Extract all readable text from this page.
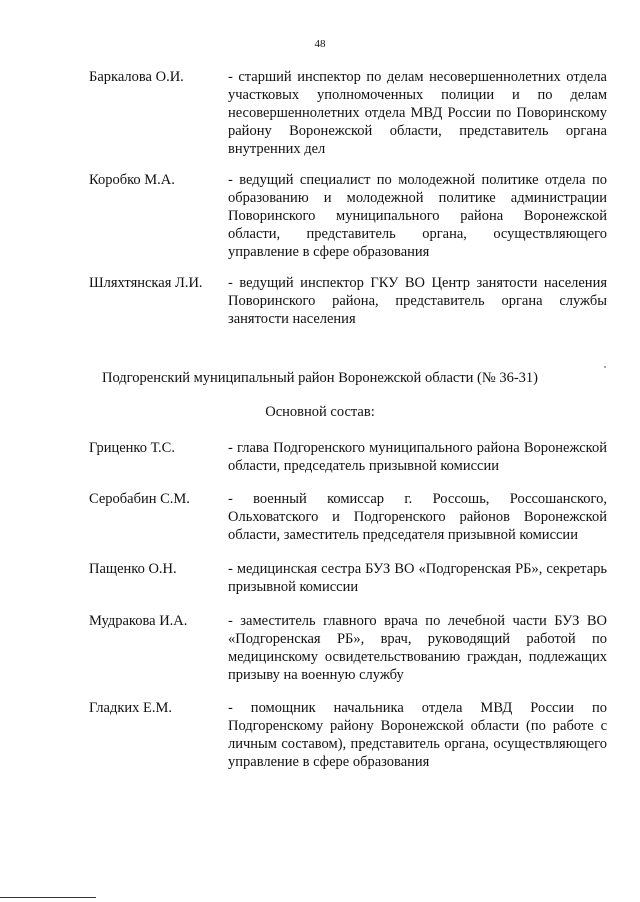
48
Баркалова О.И.	- старший инспектор по делам несовершеннолетних отдела участковых уполномоченных полиции и по делам несовершеннолетних отдела МВД России по Поворинскому району Воронежской области, представитель органа внутренних дел
Коробко М.А.	- ведущий специалист по молодежной политике отдела по образованию и молодежной политике администрации Поворинского муниципального района Воронежской области, представитель органа, осуществляющего управление в сфере образования
Шляхтянская Л.И. - ведущий инспектор ГКУ ВО Центр занятости населения Поворинского района, представитель органа службы занятости населения
Подгоренский муниципальный район Воронежской области (№ 36-31)
Основной состав:
Гриценко Т.С.	- глава Подгоренского муниципального района Воронежской области, председатель призывной комиссии
Серобабин С.М.	- военный комиссар г. Россошь, Россошанского, Ольховатского и Подгоренского районов Воронежской области, заместитель председателя призывной комиссии
Пащенко О.Н.	- медицинская сестра БУЗ ВО «Подгоренская РБ», секретарь призывной комиссии
Мудракова И.А.	- заместитель главного врача по лечебной части БУЗ ВО «Подгоренская РБ», врач, руководящий работой по медицинскому освидетельствованию граждан, подлежащих призыву на военную службу
Гладких Е.М.	- помощник начальника отдела МВД России по Подгоренскому району Воронежской области (по работе с личным составом), представитель органа, осуществляющего управление в сфере образования
